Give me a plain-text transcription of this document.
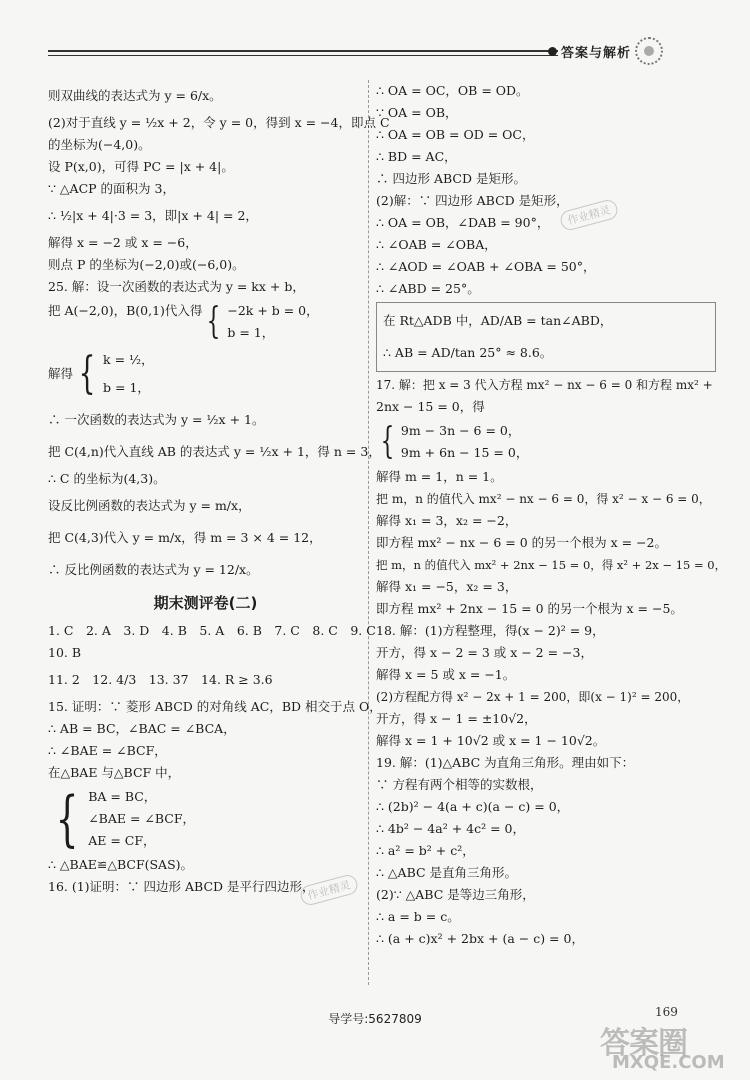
答案与解析
则双曲线的表达式为 y = 6/x。
(2)对于直线 y = ½x + 2，令 y = 0，得到 x = −4，即点 C
的坐标为(−4,0)。
设 P(x,0)，可得 PC = |x + 4|。
∵ △ACP 的面积为 3，
∴ ½|x + 4|·3 = 3，即|x + 4| = 2，
解得 x = −2 或 x = −6，
则点 P 的坐标为(−2,0)或(−6,0)。
25. 解：设一次函数的表达式为 y = kx + b，
把 A(−2,0)，B(0,1)代入得 { −2k + b = 0，
b = 1，
解得 { k = ½，
b = 1，
∴ 一次函数的表达式为 y = ½x + 1。
把 C(4,n)代入直线 AB 的表达式 y = ½x + 1，得 n = 3，
∴ C 的坐标为(4,3)。
设反比例函数的表达式为 y = m/x，
把 C(4,3)代入 y = m/x，得 m = 3 × 4 = 12，
∴ 反比例函数的表达式为 y = 12/x。
期末测评卷(二)
1. C　2. A　3. D　4. B　5. A　6. B　7. C　8. C　9. C
10. B
11. 2　12. 4/3　13. 37　14. R ≥ 3.6
15. 证明：∵ 菱形 ABCD 的对角线 AC，BD 相交于点 O，
∴ AB = BC，∠BAC = ∠BCA，
∴ ∠BAE = ∠BCF，
在△BAE 与△BCF 中，
{ BA = BC，
∠BAE = ∠BCF，
AE = CF，
∴ △BAE≌△BCF(SAS)。
16. (1)证明：∵ 四边形 ABCD 是平行四边形，
∴ OA = OC，OB = OD。
∵ OA = OB，
∴ OA = OB = OD = OC，
∴ BD = AC，
∴ 四边形 ABCD 是矩形。
(2)解：∵ 四边形 ABCD 是矩形，
∴ OA = OB，∠DAB = 90°，
∴ ∠OAB = ∠OBA，
∴ ∠AOD = ∠OAB + ∠OBA = 50°，
∴ ∠ABD = 25°。
在 Rt△ADB 中，AD/AB = tan∠ABD，
∴ AB = AD/tan 25° ≈ 8.6。
17. 解：把 x = 3 代入方程 mx² − nx − 6 = 0 和方程 mx² +
2nx − 15 = 0，得
{ 9m − 3n − 6 = 0，
9m + 6n − 15 = 0，
解得 m = 1，n = 1。
把 m，n 的值代入 mx² − nx − 6 = 0，得 x² − x − 6 = 0，
解得 x₁ = 3，x₂ = −2，
即方程 mx² − nx − 6 = 0 的另一个根为 x = −2。
把 m，n 的值代入 mx² + 2nx − 15 = 0，得 x² + 2x − 15 = 0，
解得 x₁ = −5，x₂ = 3，
即方程 mx² + 2nx − 15 = 0 的另一个根为 x = −5。
18. 解：(1)方程整理，得(x − 2)² = 9，
开方，得 x − 2 = 3 或 x − 2 = −3，
解得 x = 5 或 x = −1。
(2)方程配方得 x² − 2x + 1 = 200，即(x − 1)² = 200，
开方，得 x − 1 = ±10√2，
解得 x = 1 + 10√2 或 x = 1 − 10√2。
19. 解：(1)△ABC 为直角三角形。理由如下：
∵ 方程有两个相等的实数根，
∴ (2b)² − 4(a + c)(a − c) = 0，
∴ 4b² − 4a² + 4c² = 0，
∴ a² = b² + c²，
∴ △ABC 是直角三角形。
(2)∵ △ABC 是等边三角形，
∴ a = b = c。
∴ (a + c)x² + 2bx + (a − c) = 0，
作业精灵
作业精灵
导学号:5627809	169
答案圈
MXQE.COM
